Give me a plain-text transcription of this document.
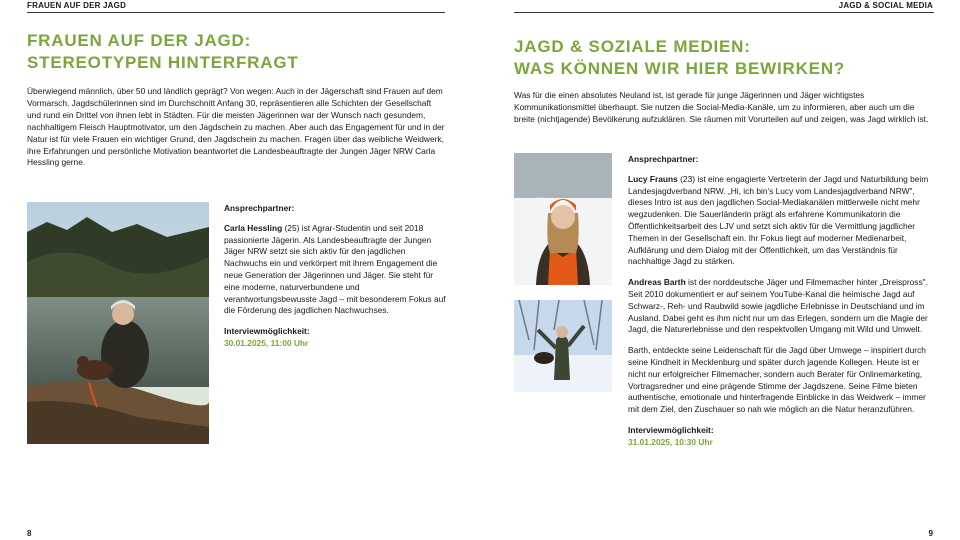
FRAUEN AUF DER JAGD
FRAUEN AUF DER JAGD:
STEREOTYPEN HINTERFRAGT

Überwiegend männlich, über 50 und ländlich geprägt? Von wegen: Auch in der Jägerschaft sind Frauen auf dem Vormarsch. Jagdschülerinnen sind im Durchschnitt Anfang 30, repräsentieren alle Schichten der Gesellschaft und rund ein Drittel von ihnen lebt in Städten. Für die meisten Jägerinnen war der Wunsch nach gesundem, nachhaltigem Fleisch Hauptmotivator, um den Jagdschein zu machen. Aber auch das Engagement für und in der Natur ist für viele Frauen ein wichtiger Grund, den Jagdschein zu machen. Fragen über das weibliche Weidwerk, ihre Erfahrungen und persönliche Motivation beantwortet die Landesbeauftragte der Jungen Jäger NRW Carla Hessling gerne.

Ansprechpartner:

Carla Hessling (25) ist Agrar-Studentin und seit 2018 passionierte Jägerin. Als Landesbeauftragte der Jungen Jäger NRW setzt sie sich aktiv für den jagdlichen Nachwuchs ein und verkörpert mit ihrem Engagement die neue Generation der Jägerinnen und Jäger. Sie steht für eine moderne, naturverbundene und verantwortungsbewusste Jagd – mit besonderem Fokus auf die Förderung des jagdlichen Nachwuchses.

Interviewmöglichkeit:

30.01.2025, 11:00 Uhr

8
JAGD & SOCIAL MEDIA
JAGD & SOZIALE MEDIEN:
WAS KÖNNEN WIR HIER BEWIRKEN?

Was für die einen absolutes Neuland ist, ist gerade für junge Jägerinnen und Jäger wichtigstes Kommunikationsmittel überhaupt. Sie nutzen die Social-Media-Kanäle, um zu informieren, aber auch um die breite (nichtjagende) Bevölkerung aufzuklären. Sie räumen mit Vorurteilen auf und zeigen, was Jagd wirklich ist.

Ansprechpartner:

Lucy Frauns (23) ist eine engagierte Vertreterin der Jagd und Naturbildung beim Landesjagdverband NRW. „Hi, ich bin's Lucy vom Landesjagdverband NRW", dieses Intro ist aus den jagdlichen Social-Mediakanälen mittlerweile nicht mehr wegzudenken. Die Sauerländerin prägt als erfahrene Kommunikatorin die Öffentlichkeitsarbeit des LJV und setzt sich aktiv für die Vermittlung jagdlicher Themen in der Gesellschaft ein. Ihr Fokus liegt auf moderner Medienarbeit, Aufklärung und dem Dialog mit der Öffentlichkeit, um das Verständnis für nachhaltige Jagd zu stärken.

Andreas Barth ist der norddeutsche Jäger und Filmemacher hinter „Dreispross". Seit 2010 dokumentiert er auf seinem YouTube-Kanal die heimische Jagd auf Schwarz-, Reh- und Raubwild sowie jagdliche Erlebnisse in Deutschland und im Ausland. Dabei geht es ihm nicht nur um das Erlegen, sondern um die Magie der Jagd, die Naturerlebnisse und den respektvollen Umgang mit Wild und Umwelt.

Barth, entdeckte seine Leidenschaft für die Jagd über Umwege – inspiriert durch seine Kindheit in Mecklenburg und später durch jagende Kollegen. Heute ist er nicht nur erfolgreicher Filmemacher, sondern auch Berater für Onlinemarketing, Vortragsredner und eine prägende Stimme der Jagdszene. Seine Filme bieten authentische, emotionale und hinterfragende Einblicke in das Weidwerk – immer mit dem Ziel, den Zuschauer so nah wie möglich an die Natur heranzuführen.

Interviewmöglichkeit:

31.01.2025, 10:30 Uhr

9
